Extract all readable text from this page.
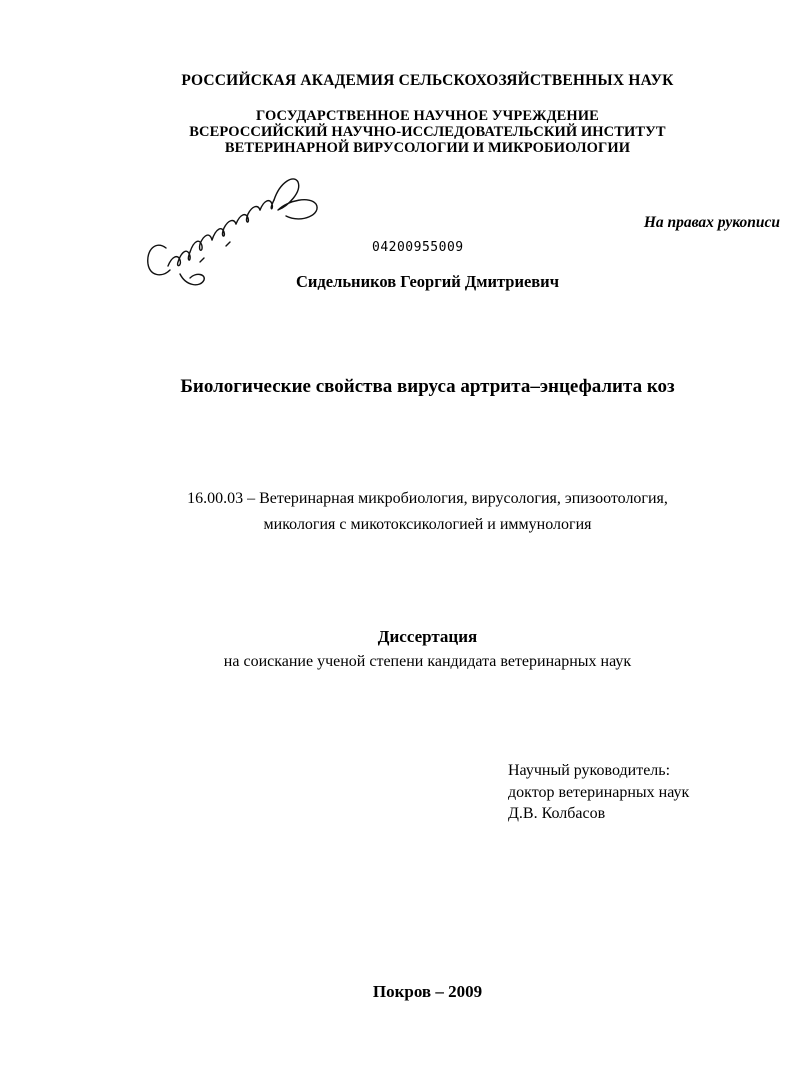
РОССИЙСКАЯ АКАДЕМИЯ СЕЛЬСКОХОЗЯЙСТВЕННЫХ НАУК
ГОСУДАРСТВЕННОЕ НАУЧНОЕ УЧРЕЖДЕНИЕ
ВСЕРОССИЙСКИЙ НАУЧНО-ИССЛЕДОВАТЕЛЬСКИЙ ИНСТИТУТ
ВЕТЕРИНАРНОЙ ВИРУСОЛОГИИ И МИКРОБИОЛОГИИ
На правах рукописи
04200955009
Сидельников Георгий Дмитриевич
Биологические свойства вируса артрита–энцефалита коз
16.00.03 – Ветеринарная микробиология, вирусология, эпизоотология,
микология с микотоксикологией и иммунология
Диссертация
на соискание ученой степени кандидата ветеринарных наук
Научный руководитель:
доктор ветеринарных наук
Д.В. Колбасов
Покров – 2009
